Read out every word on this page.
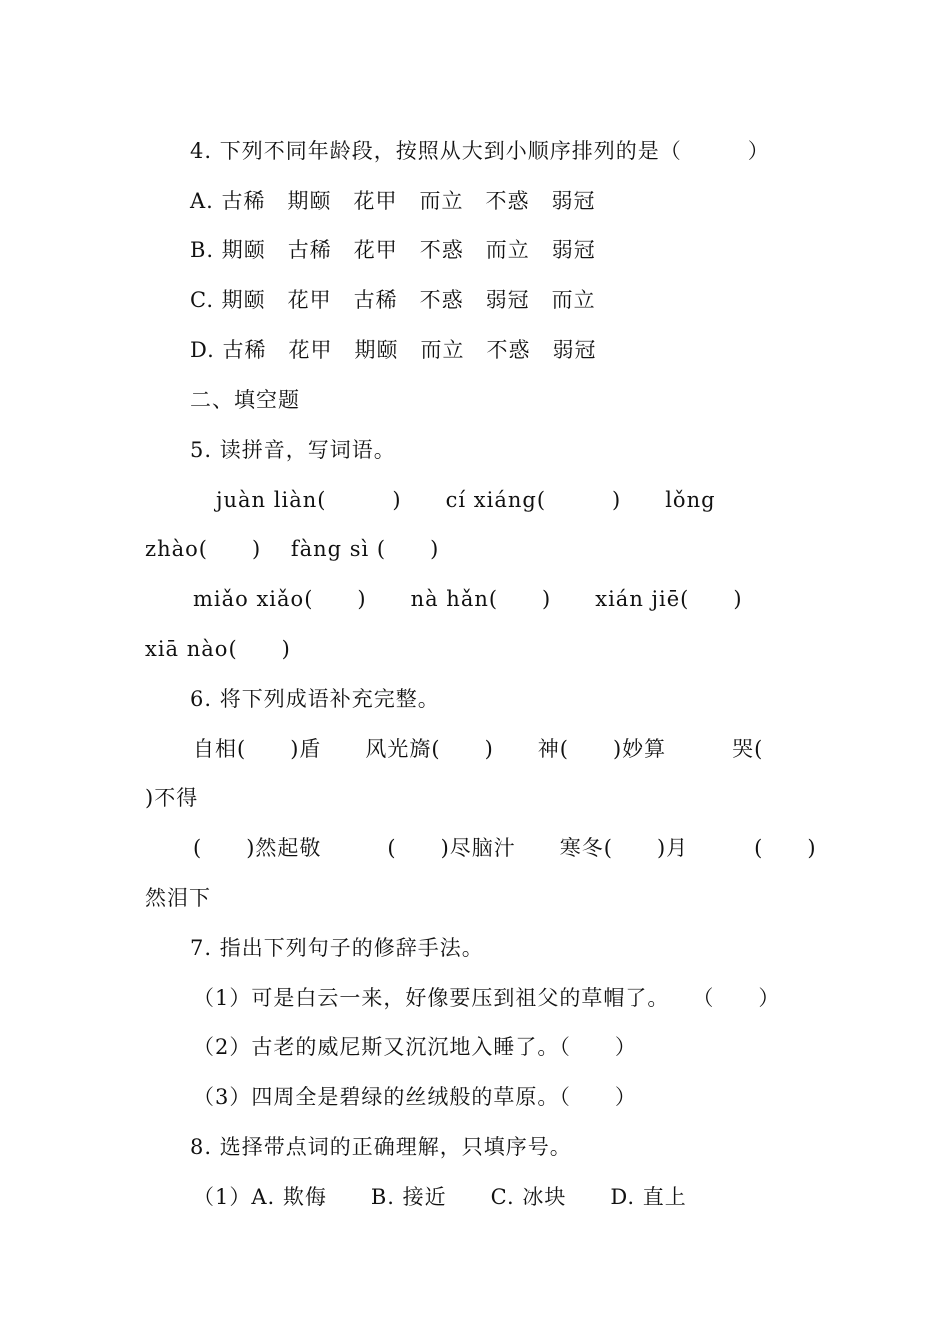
4. 下列不同年龄段，按照从大到小顺序排列的是（　　　）
A. 古稀　期颐　花甲　而立　不惑　弱冠
B. 期颐　古稀　花甲　不惑　而立　弱冠
C. 期颐　花甲　古稀　不惑　弱冠　而立
D. 古稀　花甲　期颐　而立　不惑　弱冠
二、填空题
5. 读拼音，写词语。
juàn liàn(　　　)　　cí xiáng(　　　)　　lǒng
zhào(　　)　 fàng sì (　　)
miǎo xiǎo(　　)　　nà hǎn(　　)　　xián jiē(　　)
xiā nào(　　)
6. 将下列成语补充完整。
自相(　　)盾　　风光旖(　　)　　神(　　)妙算　　　哭(
)不得
(　　)然起敬　　　(　　)尽脑汁　　寒冬(　　)月　　　(　　)
然泪下
7. 指出下列句子的修辞手法。
（1）可是白云一来，好像要压到祖父的草帽了。　　（　　）
（2）古老的威尼斯又沉沉地入睡了。（　　）
（3）四周全是碧绿的丝绒般的草原。（　　）
8. 选择带点词的正确理解，只填序号。
（1）A. 欺侮　　B. 接近　　C. 冰块　　D. 直上
